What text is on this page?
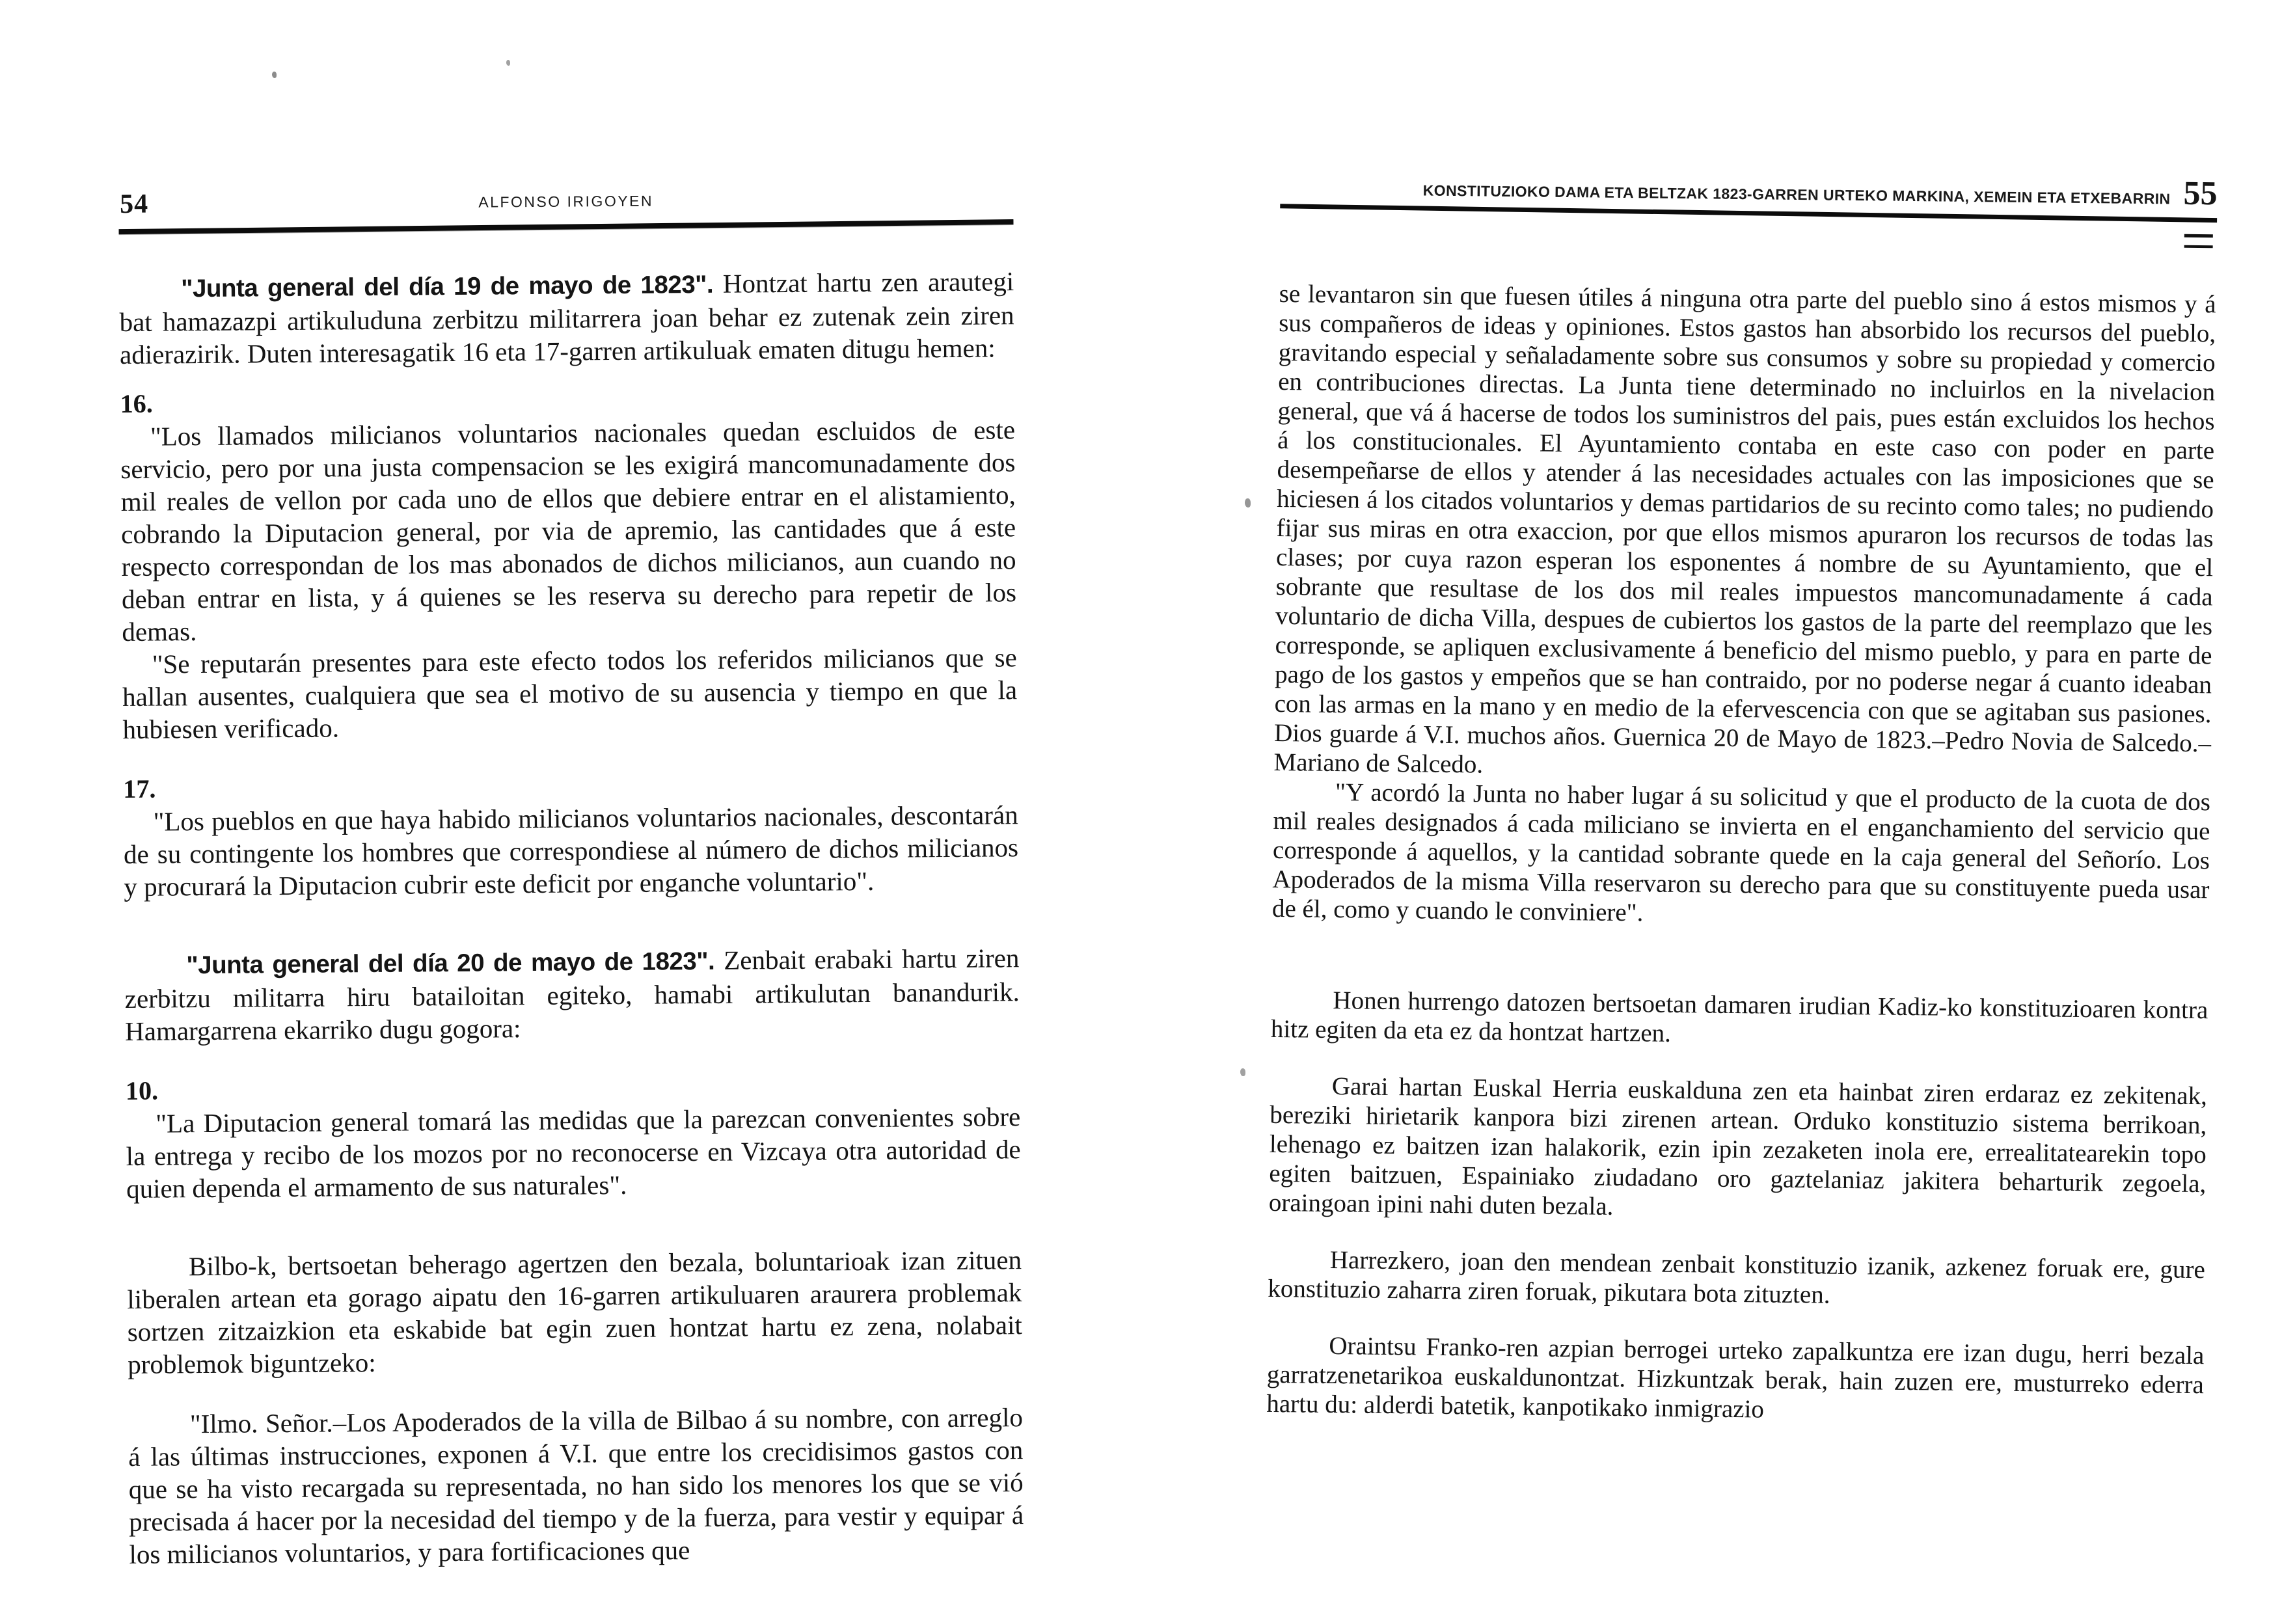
54	ALFONSO IRIGOYEN

"Junta general del día 19 de mayo de 1823". Hontzat hartu zen arautegi bat hamazazpi artikuluduna zerbitzu militarrera joan behar ez zutenak zein ziren adierazirik. Duten interesagatik 16 eta 17-garren artikuluak ematen ditugu hemen:

16.

"Los llamados milicianos voluntarios nacionales quedan escluidos de este servicio, pero por una justa compensacion se les exigirá mancomunadamente dos mil reales de vellon por cada uno de ellos que debiere entrar en el alistamiento, cobrando la Diputacion general, por via de apremio, las cantidades que á este respecto correspondan de los mas abonados de dichos milicianos, aun cuando no deban entrar en lista, y á quienes se les reserva su derecho para repetir de los demas.

"Se reputarán presentes para este efecto todos los referidos milicianos que se hallan ausentes, cualquiera que sea el motivo de su ausencia y tiempo en que la hubiesen verificado.

17.

"Los pueblos en que haya habido milicianos voluntarios nacionales, descontarán de su contingente los hombres que correspondiese al número de dichos milicianos y procurará la Diputacion cubrir este deficit por enganche voluntario".

"Junta general del día 20 de mayo de 1823". Zenbait erabaki hartu ziren zerbitzu militarra hiru batailoitan egiteko, hamabi artikulutan banandurik. Hamargarrena ekarriko dugu gogora:

10.

"La Diputacion general tomará las medidas que la parezcan convenientes sobre la entrega y recibo de los mozos por no reconocerse en Vizcaya otra autoridad de quien dependa el armamento de sus naturales".

Bilbo-k, bertsoetan beherago agertzen den bezala, boluntarioak izan zituen liberalen artean eta gorago aipatu den 16-garren artikuluaren araurera problemak sortzen zitzaizkion eta eskabide bat egin zuen hontzat hartu ez zena, nolabait problemok biguntzeko:

"Ilmo. Señor.–Los Apoderados de la villa de Bilbao á su nombre, con arreglo á las últimas instrucciones, exponen á V.I. que entre los crecidisimos gastos con que se ha visto recargada su representada, no han sido los menores los que se vió precisada á hacer por la necesidad del tiempo y de la fuerza, para vestir y equipar á los milicianos voluntarios, y para fortificaciones que

KONSTITUZIOKO DAMA ETA BELTZAK 1823-GARREN URTEKO MARKINA, XEMEIN ETA ETXEBARRIN 55

se levantaron sin que fuesen útiles á ninguna otra parte del pueblo sino á estos mismos y á sus compañeros de ideas y opiniones. Estos gastos han absorbido los recursos del pueblo, gravitando especial y señaladamente sobre sus consumos y sobre su propiedad y comercio en contribuciones directas. La Junta tiene determinado no incluirlos en la nivelacion general, que vá á hacerse de todos los suministros del pais, pues están excluidos los hechos á los constitucionales. El Ayuntamiento contaba en este caso con poder en parte desempeñarse de ellos y atender á las necesidades actuales con las imposiciones que se hiciesen á los citados voluntarios y demas partidarios de su recinto como tales; no pudiendo fijar sus miras en otra exaccion, por que ellos mismos apuraron los recursos de todas las clases; por cuya razon esperan los esponentes á nombre de su Ayuntamiento, que el sobrante que resultase de los dos mil reales impuestos mancomunadamente á cada voluntario de dicha Villa, despues de cubiertos los gastos de la parte del reemplazo que les corresponde, se apliquen exclusivamente á beneficio del mismo pueblo, y para en parte de pago de los gastos y empeños que se han contraido, por no poderse negar á cuanto ideaban con las armas en la mano y en medio de la efervescencia con que se agitaban sus pasiones. Dios guarde á V.I. muchos años. Guernica 20 de Mayo de 1823.–Pedro Novia de Salcedo.–Mariano de Salcedo.

"Y acordó la Junta no haber lugar á su solicitud y que el producto de la cuota de dos mil reales designados á cada miliciano se invierta en el enganchamiento del servicio que corresponde á aquellos, y la cantidad sobrante quede en la caja general del Señorío. Los Apoderados de la misma Villa reservaron su derecho para que su constituyente pueda usar de él, como y cuando le conviniere".

Honen hurrengo datozen bertsoetan damaren irudian Kadiz-ko konstituzioaren kontra hitz egiten da eta ez da hontzat hartzen.

Garai hartan Euskal Herria euskalduna zen eta hainbat ziren erdaraz ez zekitenak, bereziki hirietarik kanpora bizi zirenen artean. Orduko konstituzio sistema berrikoan, lehenago ez baitzen izan halakorik, ezin ipin zezaketen inola ere, errealitatearekin topo egiten baitzuen, Espainiako ziudadano oro gaztelaniaz jakitera beharturik zegoela, oraingoan ipini nahi duten bezala.

Harrezkero, joan den mendean zenbait konstituzio izanik, azkenez foruak ere, gure konstituzio zaharra ziren foruak, pikutara bota zituzten.

Oraintsu Franko-ren azpian berrogei urteko zapalkuntza ere izan dugu, herri bezala garratzenetarikoa euskaldunontzat. Hizkuntzak berak, hain zuzen ere, musturreko ederra hartu du: alderdi batetik, kanpotikako inmigrazio
